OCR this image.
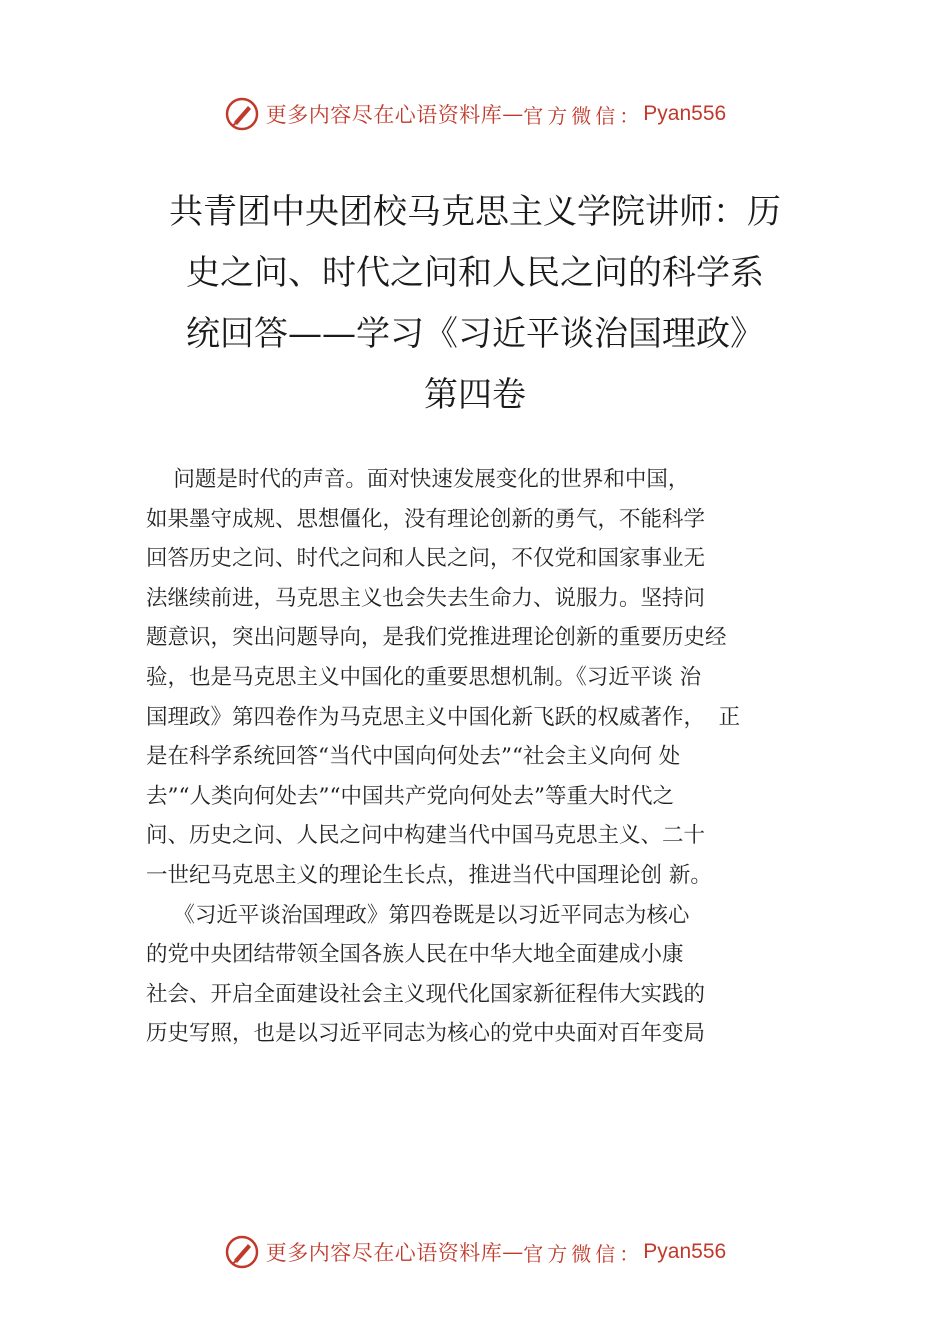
更多内容尽在心语资料库 — 官方微信： Pyan556
共青团中央团校马克思主义学院讲师：历
史之问、时代之问和人民之问的科学系
统回答——学习《习近平谈治国理政》
第四卷
问题是时代的声音。面对快速发展变化的世界和中国，
如果墨守成规、思想僵化，没有理论创新的勇气，不能科学
回答历史之问、时代之问和人民之问，不仅党和国家事业无
法继续前进，马克思主义也会失去生命力、说服力。坚持问
题意识，突出问题导向，是我们党推进理论创新的重要历史经
验，也是马克思主义中国化的重要思想机制。《习近平谈 治
国理政》第四卷作为马克思主义中国化新飞跃的权威著作，  正
是在科学系统回答“当代中国向何处去”“社会主义向何 处
去”“人类向何处去”“中国共产党向何处去”等重大时代之
问、历史之问、人民之问中构建当代中国马克思主义、二十
一世纪马克思主义的理论生长点，推进当代中国理论创 新。
《习近平谈治国理政》第四卷既是以习近平同志为核心
的党中央团结带领全国各族人民在中华大地全面建成小康
社会、开启全面建设社会主义现代化国家新征程伟大实践的
历史写照，也是以习近平同志为核心的党中央面对百年变局
更多内容尽在心语资料库 — 官方微信： Pyan556
